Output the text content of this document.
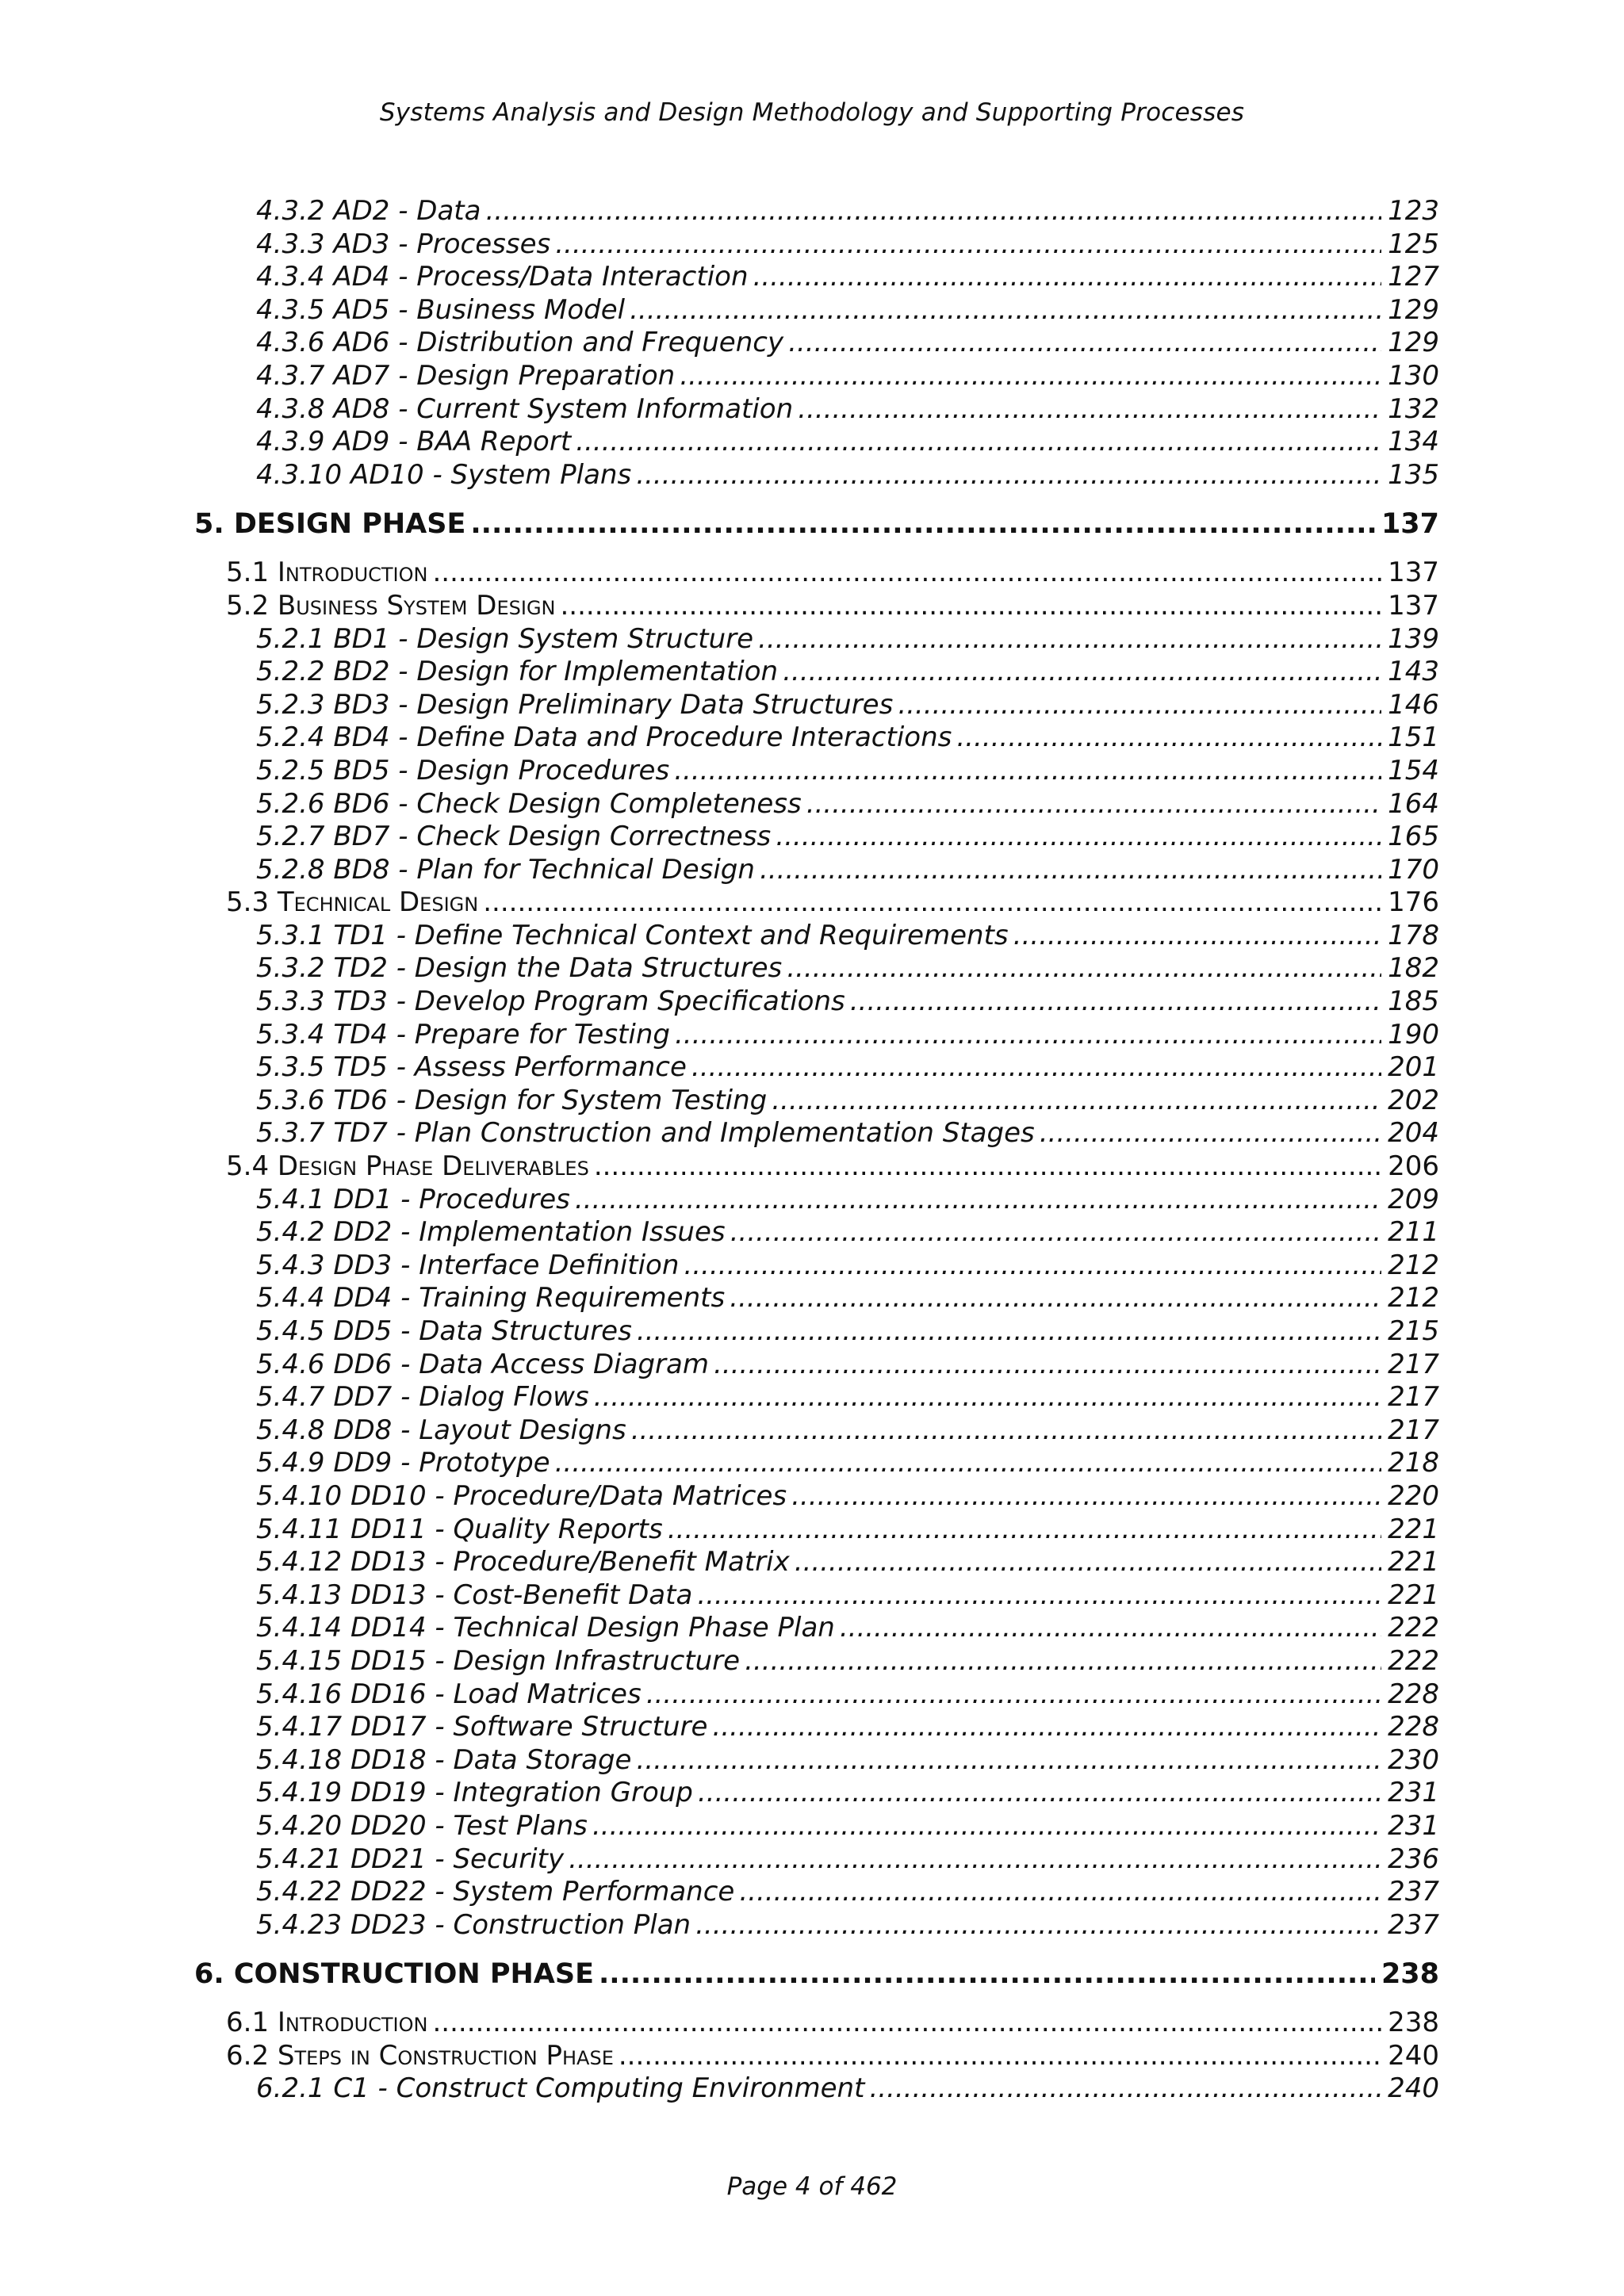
Systems Analysis and Design Methodology and Supporting Processes
4.3.2 AD2 - Data .....	123
4.3.3 AD3 - Processes .....	125
4.3.4 AD4 - Process/Data Interaction .....	127
4.3.5 AD5 - Business Model .....	129
4.3.6 AD6 - Distribution and Frequency .....	129
4.3.7 AD7 - Design Preparation .....	130
4.3.8 AD8 - Current System Information .....	132
4.3.9 AD9 - BAA Report .....	134
4.3.10 AD10 - System Plans .....	135
5. DESIGN PHASE .....	137
5.1 Introduction .....	137
5.2 Business System Design .....	137
5.2.1 BD1 - Design System Structure .....	139
5.2.2 BD2 - Design for Implementation .....	143
5.2.3 BD3 - Design Preliminary Data Structures .....	146
5.2.4 BD4 - Define Data and Procedure Interactions .....	151
5.2.5 BD5 - Design Procedures .....	154
5.2.6 BD6 - Check Design Completeness .....	164
5.2.7 BD7 - Check Design Correctness .....	165
5.2.8 BD8 - Plan for Technical Design .....	170
5.3 Technical Design .....	176
5.3.1 TD1 - Define Technical Context and Requirements .....	178
5.3.2 TD2 - Design the Data Structures .....	182
5.3.3 TD3 - Develop Program Specifications .....	185
5.3.4 TD4 - Prepare for Testing .....	190
5.3.5 TD5 - Assess Performance .....	201
5.3.6 TD6 - Design for System Testing .....	202
5.3.7 TD7 - Plan Construction and Implementation Stages .....	204
5.4 Design Phase Deliverables .....	206
5.4.1 DD1 - Procedures .....	209
5.4.2 DD2 - Implementation Issues .....	211
5.4.3 DD3 - Interface Definition .....	212
5.4.4 DD4 - Training Requirements .....	212
5.4.5 DD5 - Data Structures .....	215
5.4.6 DD6 - Data Access Diagram .....	217
5.4.7 DD7 - Dialog Flows .....	217
5.4.8 DD8 - Layout Designs .....	217
5.4.9 DD9 - Prototype .....	218
5.4.10 DD10 - Procedure/Data Matrices .....	220
5.4.11 DD11 - Quality Reports .....	221
5.4.12 DD13 - Procedure/Benefit Matrix .....	221
5.4.13 DD13 - Cost-Benefit Data .....	221
5.4.14 DD14 - Technical Design Phase Plan .....	222
5.4.15 DD15 - Design Infrastructure .....	222
5.4.16 DD16 - Load Matrices .....	228
5.4.17 DD17 - Software Structure .....	228
5.4.18 DD18 - Data Storage .....	230
5.4.19 DD19 - Integration Group .....	231
5.4.20 DD20 - Test Plans .....	231
5.4.21 DD21 - Security .....	236
5.4.22 DD22 - System Performance .....	237
5.4.23 DD23 - Construction Plan .....	237
6. CONSTRUCTION PHASE .....	238
6.1 Introduction .....	238
6.2 Steps in Construction Phase .....	240
6.2.1 C1 - Construct Computing Environment .....	240
Page 4 of 462
